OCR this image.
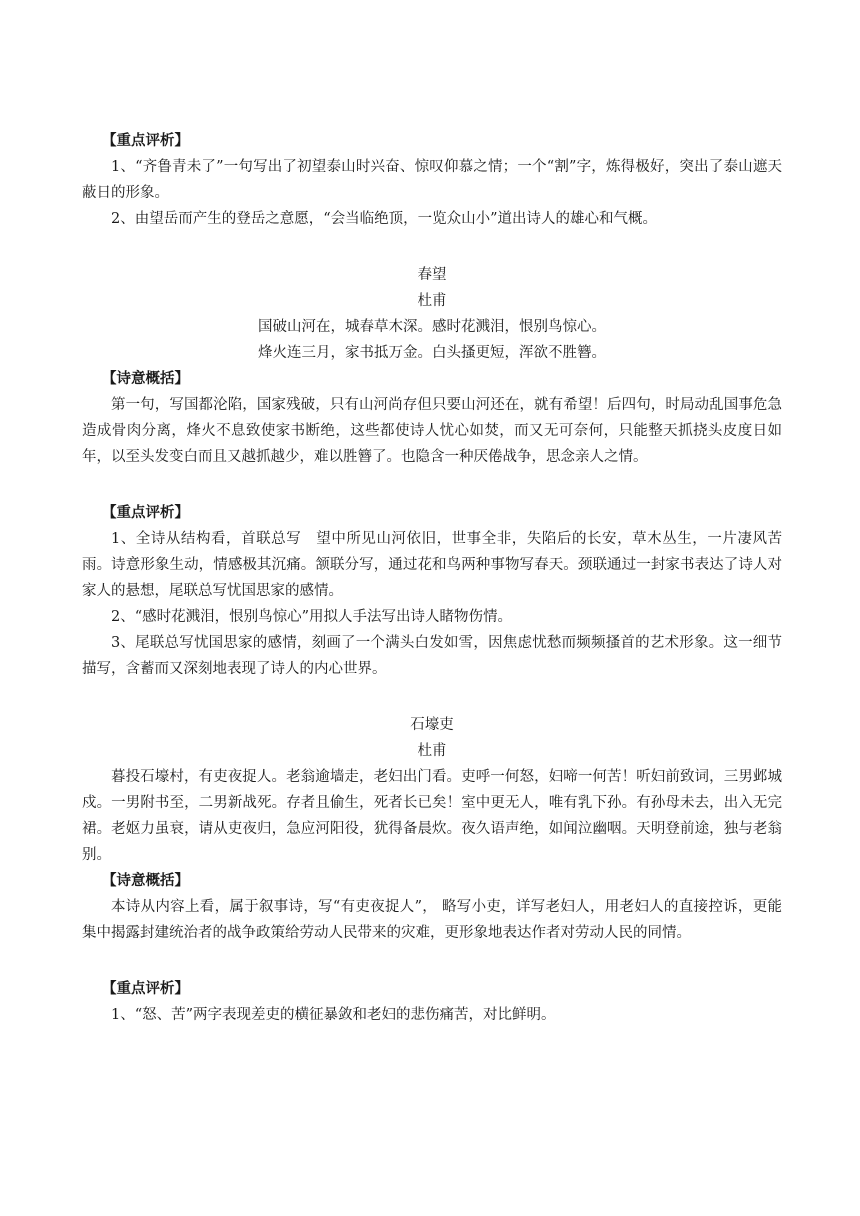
【重点评析】

1、“齐鲁青未了”一句写出了初望泰山时兴奋、惊叹仰慕之情；一个“割”字，炼得极好，突出了泰山遮天蔽日的形象。

2、由望岳而产生的登岳之意愿，“会当临绝顶，一览众山小”道出诗人的雄心和气概。

春望

杜甫

国破山河在，城春草木深。感时花溅泪，恨别鸟惊心。

烽火连三月，家书抵万金。白头搔更短，浑欲不胜簪。

【诗意概括】

第一句，写国都沦陷，国家残破，只有山河尚存但只要山河还在，就有希望！后四句，时局动乱国事危急造成骨肉分离，烽火不息致使家书断绝，这些都使诗人忧心如焚，而又无可奈何，只能整天抓挠头皮度日如年，以至头发变白而且又越抓越少，难以胜簪了。也隐含一种厌倦战争，思念亲人之情。

【重点评析】

1、全诗从结构看，首联总写　望中所见山河依旧，世事全非，失陷后的长安，草木丛生，一片凄风苦雨。诗意形象生动，情感极其沉痛。颔联分写，通过花和鸟两种事物写春天。颈联通过一封家书表达了诗人对家人的悬想，尾联总写忧国思家的感情。

2、“感时花溅泪，恨别鸟惊心”用拟人手法写出诗人睹物伤情。

3、尾联总写忧国思家的感情，刻画了一个满头白发如雪，因焦虑忧愁而频频搔首的艺术形象。这一细节描写，含蓄而又深刻地表现了诗人的内心世界。

石壕吏

杜甫

暮投石壕村，有吏夜捉人。老翁逾墙走，老妇出门看。吏呼一何怒，妇啼一何苦！听妇前致词，三男邺城戍。一男附书至，二男新战死。存者且偷生，死者长已矣！室中更无人，唯有乳下孙。有孙母未去，出入无完裙。老妪力虽衰，请从吏夜归，急应河阳役，犹得备晨炊。夜久语声绝，如闻泣幽咽。天明登前途，独与老翁别。

【诗意概括】

本诗从内容上看，属于叙事诗，写“有吏夜捉人”， 略写小吏，详写老妇人，用老妇人的直接控诉，更能集中揭露封建统治者的战争政策给劳动人民带来的灾难，更形象地表达作者对劳动人民的同情。

【重点评析】

1、“怒、苦”两字表现差吏的横征暴敛和老妇的悲伤痛苦，对比鲜明。
